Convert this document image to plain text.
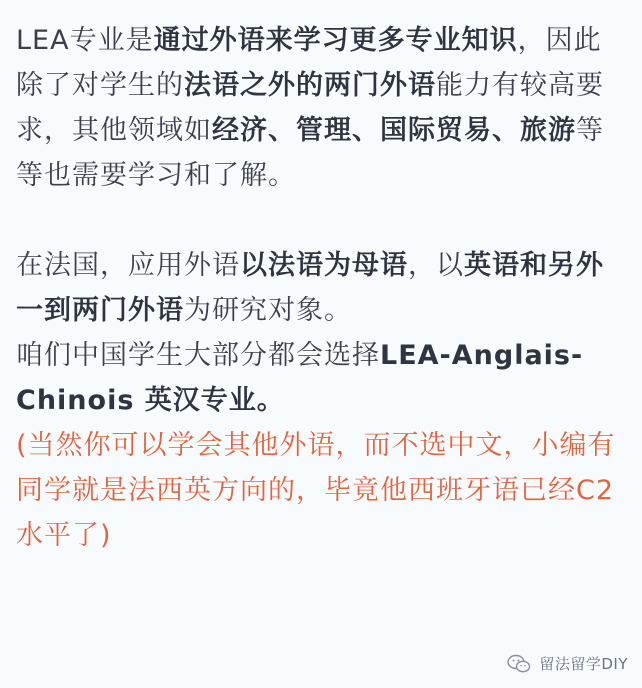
LEA专业是通过外语来学习更多专业知识，因此除了对学生的法语之外的两门外语能力有较高要求，其他领域如经济、管理、国际贸易、旅游等等也需要学习和了解。

在法国，应用外语以法语为母语，以英语和另外一到两门外语为研究对象。

咱们中国学生大部分都会选择LEA-Anglais-Chinois 英汉专业。

(当然你可以学会其他外语，而不选中文，小编有同学就是法西英方向的，毕竟他西班牙语已经C2水平了)

留法留学DIY
